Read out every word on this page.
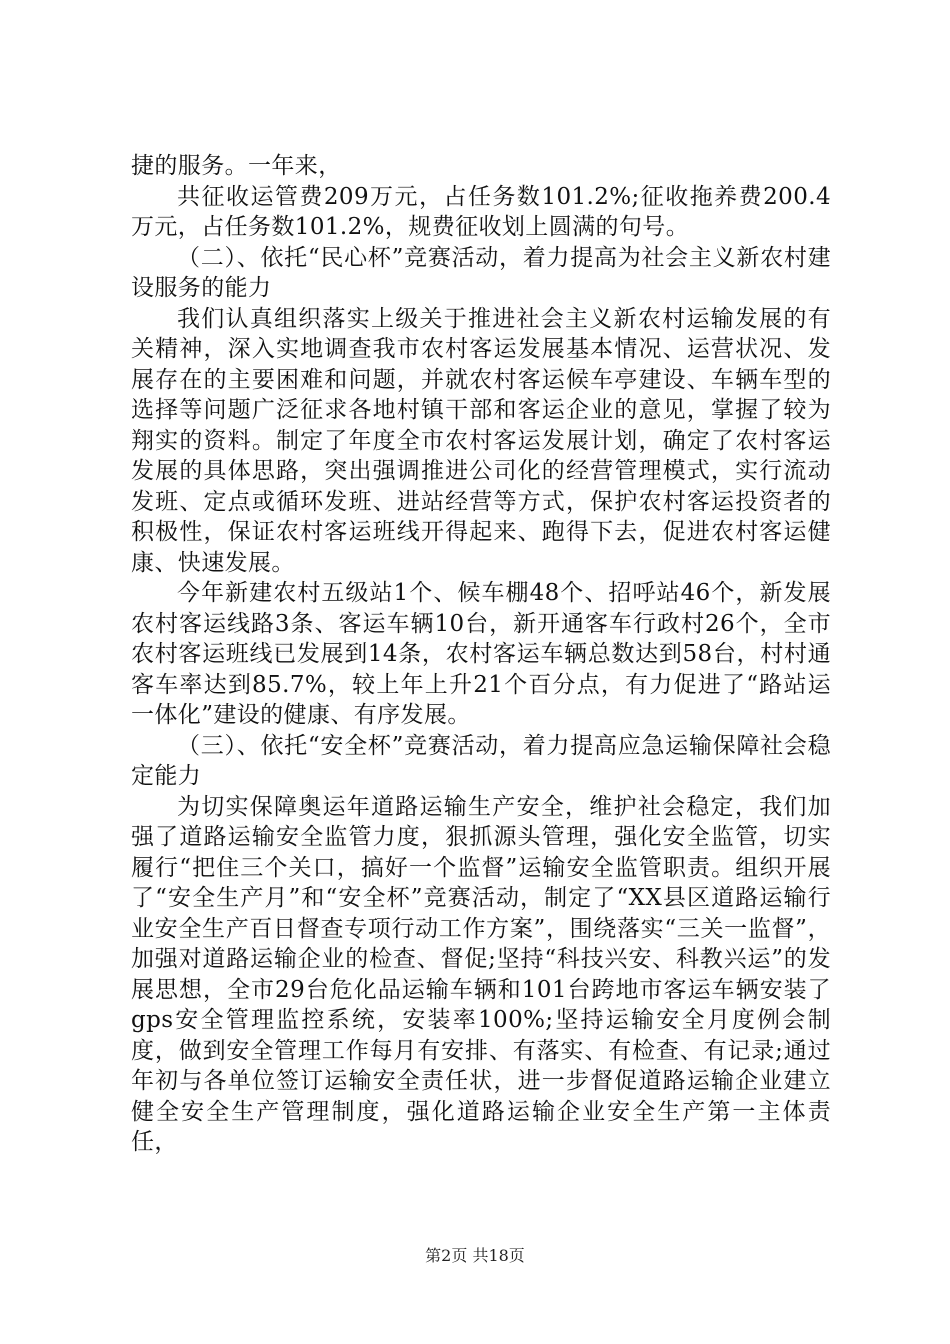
捷的服务。一年来，

共征收运管费209万元，占任务数101.2%;征收拖养费200.4万元，占任务数101.2%，规费征收划上圆满的句号。

（二）、依托“民心杯”竞赛活动，着力提高为社会主义新农村建设服务的能力

我们认真组织落实上级关于推进社会主义新农村运输发展的有关精神，深入实地调查我市农村客运发展基本情况、运营状况、发展存在的主要困难和问题，并就农村客运候车亭建设、车辆车型的选择等问题广泛征求各地村镇干部和客运企业的意见，掌握了较为翔实的资料。制定了年度全市农村客运发展计划，确定了农村客运发展的具体思路，突出强调推进公司化的经营管理模式，实行流动发班、定点或循环发班、进站经营等方式，保护农村客运投资者的积极性，保证农村客运班线开得起来、跑得下去，促进农村客运健康、快速发展。

今年新建农村五级站1个、候车棚48个、招呼站46个，新发展农村客运线路3条、客运车辆10台，新开通客车行政村26个，全市农村客运班线已发展到14条，农村客运车辆总数达到58台，村村通客车率达到85.7%，较上年上升21个百分点，有力促进了“路站运一体化”建设的健康、有序发展。

（三）、依托“安全杯”竞赛活动，着力提高应急运输保障社会稳定能力

为切实保障奥运年道路运输生产安全，维护社会稳定，我们加强了道路运输安全监管力度，狠抓源头管理，强化安全监管，切实履行“把住三个关口，搞好一个监督”运输安全监管职责。组织开展了“安全生产月”和“安全杯”竞赛活动，制定了“XX县区道路运输行业安全生产百日督查专项行动工作方案”，围绕落实“三关一监督”，加强对道路运输企业的检查、督促;坚持“科技兴安、科教兴运”的发展思想，全市29台危化品运输车辆和101台跨地市客运车辆安装了gps安全管理监控系统，安装率100%;坚持运输安全月度例会制度，做到安全管理工作每月有安排、有落实、有检查、有记录;通过年初与各单位签订运输安全责任状，进一步督促道路运输企业建立健全安全生产管理制度，强化道路运输企业安全生产第一主体责任，

第2页 共18页
